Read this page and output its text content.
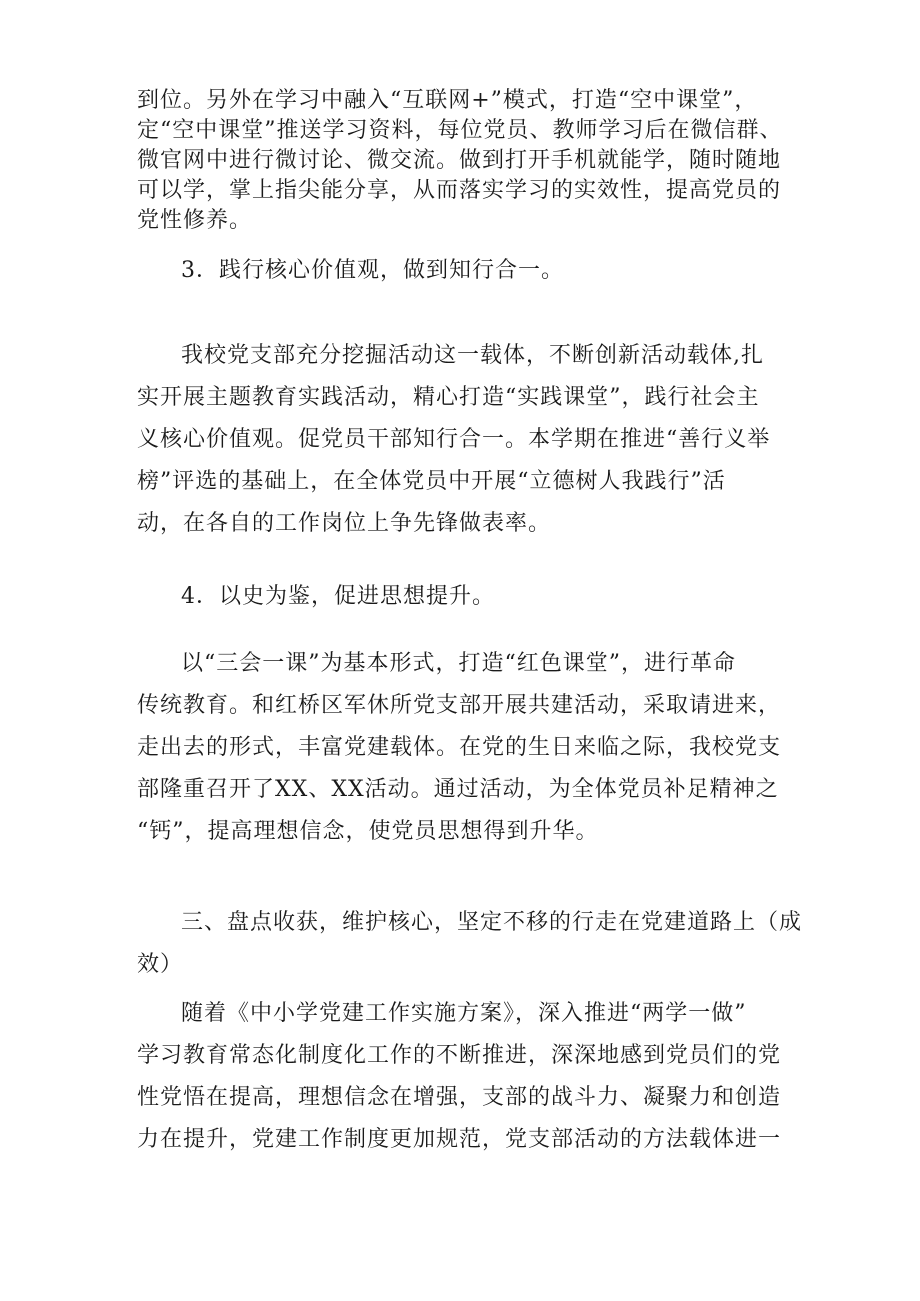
到位。另外在学习中融入“互联网+”模式，打造“空中课堂”，
定“空中课堂”推送学习资料，每位党员、教师学习后在微信群、
微官网中进行微讨论、微交流。做到打开手机就能学，随时随地
可以学，掌上指尖能分享，从而落实学习的实效性，提高党员的
党性修养。

3．践行核心价值观，做到知行合一。

我校党支部充分挖掘活动这一载体，不断创新活动载体,扎
实开展主题教育实践活动，精心打造“实践课堂”，践行社会主
义核心价值观。促党员干部知行合一。本学期在推进“善行义举
榜”评选的基础上，在全体党员中开展“立德树人我践行”活
动，在各自的工作岗位上争先锋做表率。

4．以史为鉴，促进思想提升。

以“三会一课”为基本形式，打造“红色课堂”，进行革命
传统教育。和红桥区军休所党支部开展共建活动，采取请进来，
走出去的形式，丰富党建载体。在党的生日来临之际，我校党支
部隆重召开了XX、XX活动。通过活动，为全体党员补足精神之
“钙”，提高理想信念，使党员思想得到升华。

三、盘点收获，维护核心，坚定不移的行走在党建道路上（成
效）

随着《中小学党建工作实施方案》，深入推进“两学一做”
学习教育常态化制度化工作的不断推进，深深地感到党员们的党
性党悟在提高，理想信念在增强，支部的战斗力、凝聚力和创造
力在提升，党建工作制度更加规范，党支部活动的方法载体进一
